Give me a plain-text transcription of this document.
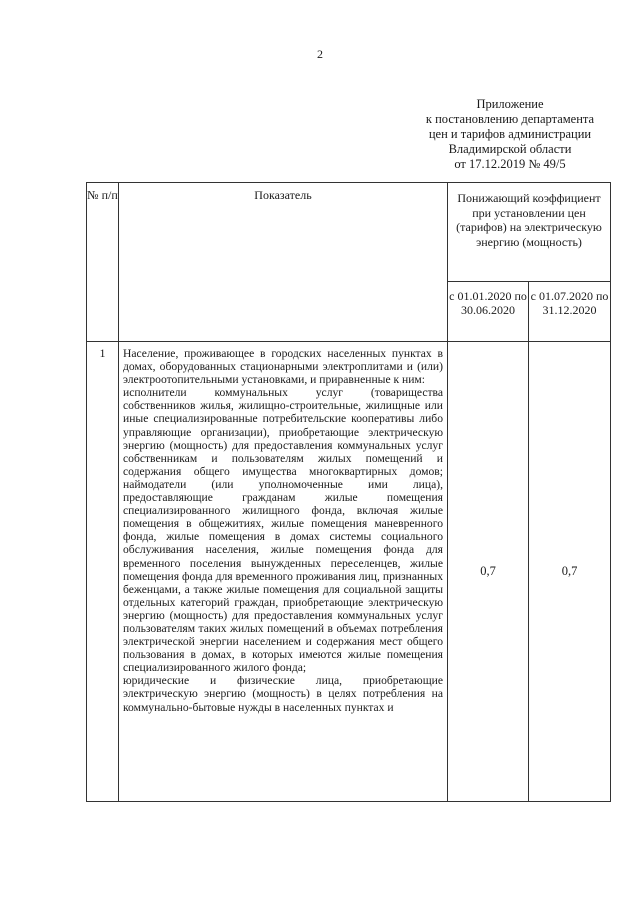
2
Приложение
к постановлению департамента
цен и тарифов администрации
Владимирской области
от 17.12.2019 № 49/5
№ п/п	Показатель	Понижающий коэффициент при установлении цен (тарифов) на электрическую энергию (мощность)	
		с 01.01.2020 по 30.06.2020	с 01.07.2020 по 31.12.2020
1	Население, проживающее в городских населенных пунктах в домах, оборудованных стационарными электроплитами и (или) электроотопительными установками, и приравненные к ним:

исполнители коммунальных услуг (товарищества собственников жилья, жилищно-строительные, жилищные или иные специализированные потребительские кооперативы либо управляющие организации), приобретающие электрическую энергию (мощность) для предоставления коммунальных услуг собственникам и пользователям жилых помещений и содержания общего имущества многоквартирных домов; наймодатели (или уполномоченные ими лица), предоставляющие гражданам жилые помещения специализированного жилищного фонда, включая жилые помещения в общежитиях, жилые помещения маневренного фонда, жилые помещения в домах системы социального обслуживания населения, жилые помещения фонда для временного поселения вынужденных переселенцев, жилые помещения фонда для временного проживания лиц, признанных беженцами, а также жилые помещения для социальной защиты отдельных категорий граждан, приобретающие электрическую энергию (мощность) для предоставления коммунальных услуг пользователям таких жилых помещений в объемах потребления электрической энергии населением и содержания мест общего пользования в домах, в которых имеются жилые помещения специализированного жилого фонда;

юридические и физические лица, приобретающие электрическую энергию (мощность) в целях потребления на коммунально-бытовые нужды в населенных пунктах и	0,7	0,7
